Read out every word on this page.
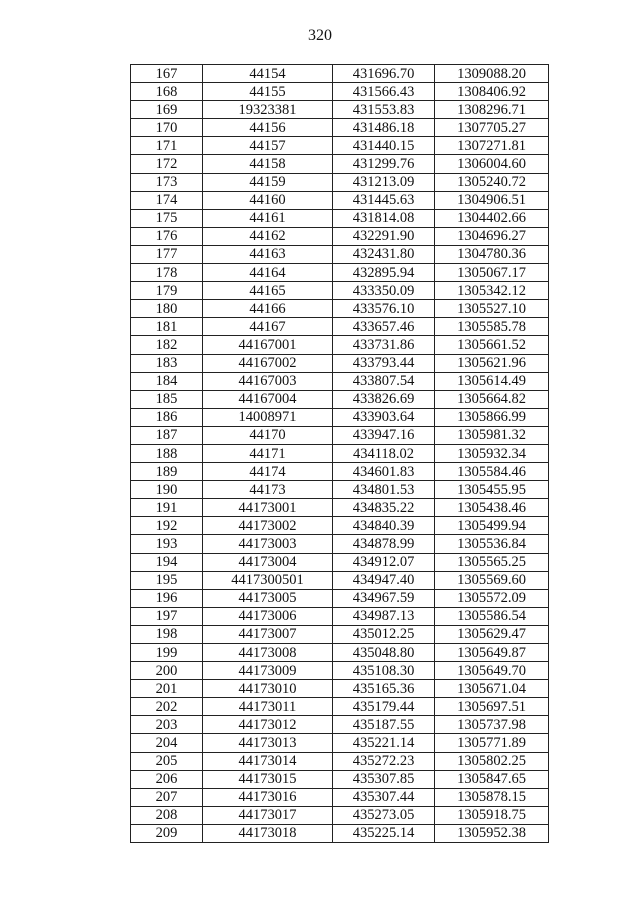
320
167	44154	431696.70	1309088.20
168	44155	431566.43	1308406.92
169	19323381	431553.83	1308296.71
170	44156	431486.18	1307705.27
171	44157	431440.15	1307271.81
172	44158	431299.76	1306004.60
173	44159	431213.09	1305240.72
174	44160	431445.63	1304906.51
175	44161	431814.08	1304402.66
176	44162	432291.90	1304696.27
177	44163	432431.80	1304780.36
178	44164	432895.94	1305067.17
179	44165	433350.09	1305342.12
180	44166	433576.10	1305527.10
181	44167	433657.46	1305585.78
182	44167001	433731.86	1305661.52
183	44167002	433793.44	1305621.96
184	44167003	433807.54	1305614.49
185	44167004	433826.69	1305664.82
186	14008971	433903.64	1305866.99
187	44170	433947.16	1305981.32
188	44171	434118.02	1305932.34
189	44174	434601.83	1305584.46
190	44173	434801.53	1305455.95
191	44173001	434835.22	1305438.46
192	44173002	434840.39	1305499.94
193	44173003	434878.99	1305536.84
194	44173004	434912.07	1305565.25
195	4417300501	434947.40	1305569.60
196	44173005	434967.59	1305572.09
197	44173006	434987.13	1305586.54
198	44173007	435012.25	1305629.47
199	44173008	435048.80	1305649.87
200	44173009	435108.30	1305649.70
201	44173010	435165.36	1305671.04
202	44173011	435179.44	1305697.51
203	44173012	435187.55	1305737.98
204	44173013	435221.14	1305771.89
205	44173014	435272.23	1305802.25
206	44173015	435307.85	1305847.65
207	44173016	435307.44	1305878.15
208	44173017	435273.05	1305918.75
209	44173018	435225.14	1305952.38
